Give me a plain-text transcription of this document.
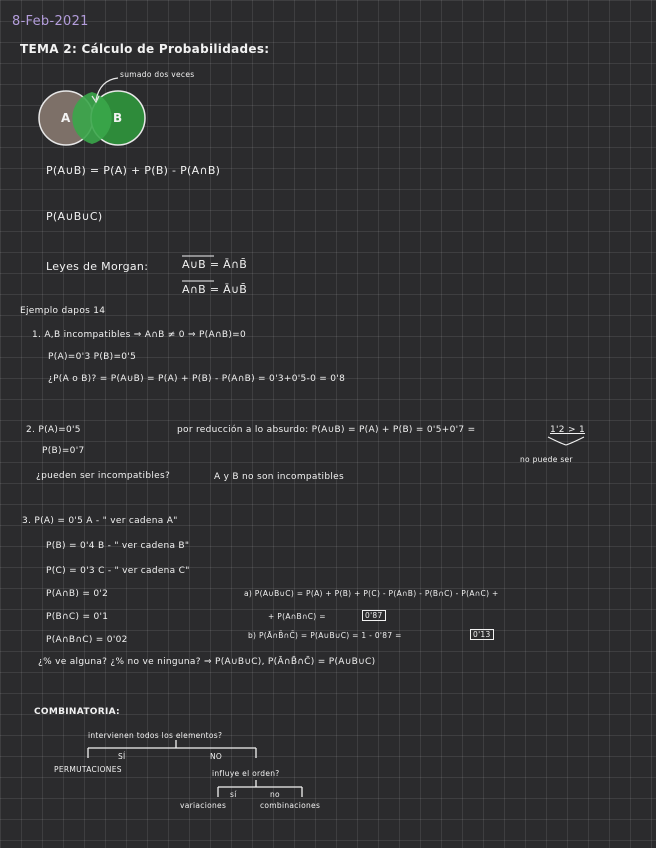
8-Feb-2021
TEMA 2: Cálculo de Probabilidades:
sumado dos veces
A	B
P(A∪B) = P(A) + P(B) - P(A∩B)
P(A∪B∪C)
Leyes de Morgan:	A∪B = Ā∩B̄
A∩B = Ā∪B̄
Ejemplo dapos 14
1. A,B incompatibles ⇒ A∩B ≠ 0 ⇒ P(A∩B)=0
P(A)=0'3 P(B)=0'5
¿P(A o B)? = P(A∪B) = P(A) + P(B) - P(A∩B) = 0'3+0'5-0 = 0'8
2. P(A)=0'5
P(B)=0'7
¿pueden ser incompatibles?
por reducción a lo absurdo: P(A∪B) = P(A) + P(B) = 0'5+0'7 =	1'2 > 1
no puede ser
A y B no son incompatibles
3. P(A) = 0'5 A - " ver cadena A"
P(B) = 0'4 B - " ver cadena B"
P(C) = 0'3 C - " ver cadena C"
P(A∩B) = 0'2
P(B∩C) = 0'1
P(A∩B∩C) = 0'02
a) P(A∪B∪C) = P(A) + P(B) + P(C) - P(A∩B) - P(B∩C) - P(A∩C) +
+ P(A∩B∩C) =	0'87
b) P(Ā∩B̄∩C̄) = P(A∪B∪C) = 1 - 0'87 =	0'13
¿% ve alguna? ¿% no ve ninguna? ⇒ P(A∪B∪C), P(Ā∩B̄∩C̄) = P(A∪B∪C)
COMBINATORIA:
intervienen todos los elementos?
SÍ	NO
PERMUTACIONES	influye el orden?
sí	no
variaciones	combinaciones
